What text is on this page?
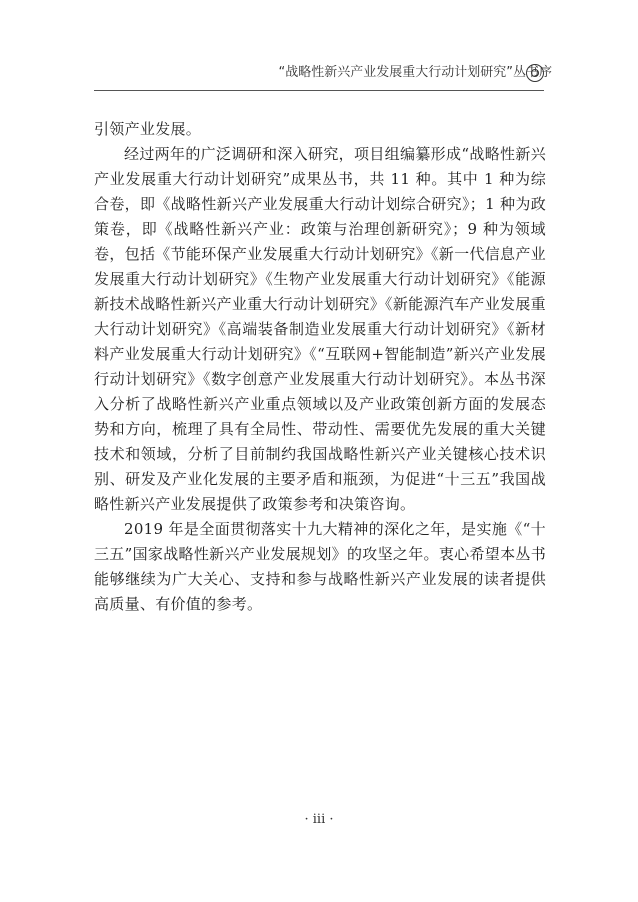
“战略性新兴产业发展重大行动计划研究”丛书序

引领产业发展。

经过两年的广泛调研和深入研究，项目组编纂形成“战略性新兴产业发展重大行动计划研究”成果丛书，共 11 种。其中 1 种为综合卷，即《战略性新兴产业发展重大行动计划综合研究》；1 种为政策卷，即《战略性新兴产业：政策与治理创新研究》；9 种为领域卷，包括《节能环保产业发展重大行动计划研究》《新一代信息产业发展重大行动计划研究》《生物产业发展重大行动计划研究》《能源新技术战略性新兴产业重大行动计划研究》《新能源汽车产业发展重大行动计划研究》《高端装备制造业发展重大行动计划研究》《新材料产业发展重大行动计划研究》《“互联网+智能制造”新兴产业发展行动计划研究》《数字创意产业发展重大行动计划研究》。本丛书深入分析了战略性新兴产业重点领域以及产业政策创新方面的发展态势和方向，梳理了具有全局性、带动性、需要优先发展的重大关键技术和领域，分析了目前制约我国战略性新兴产业关键核心技术识别、研发及产业化发展的主要矛盾和瓶颈，为促进“十三五”我国战略性新兴产业发展提供了政策参考和决策咨询。

2019 年是全面贯彻落实十九大精神的深化之年，是实施《“十三五”国家战略性新兴产业发展规划》的攻坚之年。衷心希望本丛书能够继续为广大关心、支持和参与战略性新兴产业发展的读者提供高质量、有价值的参考。

· iii ·
